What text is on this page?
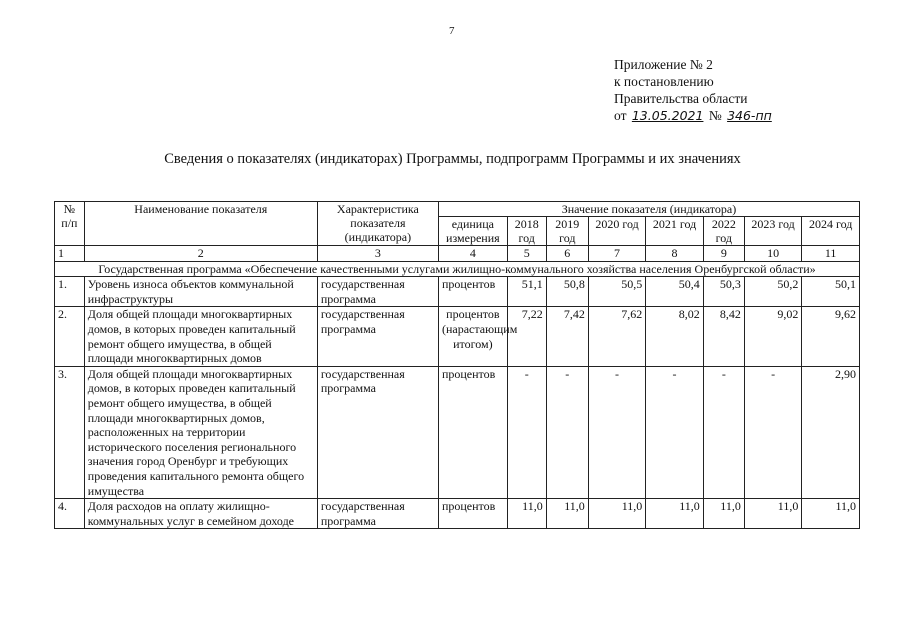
7
Приложение № 2
к постановлению
Правительства области
от 13.05.2021 № 346-пп
Сведения о показателях (индикаторах) Программы, подпрограмм Программы и их значениях
№ п/п	Наименование показателя	Характеристика показателя (индикатора)	Значение показателя (индикатора)							
			единица измерения	2018 год	2019 год	2020 год	2021 год	2022 год	2023 год	2024 год
1	2	3	4	5	6	7	8	9	10	11
Государственная программа «Обеспечение качественными услугами жилищно-коммунального хозяйства населения Оренбургской области»										
1.	Уровень износа объектов коммунальной инфраструктуры	государственная программа	процентов	51,1	50,8	50,5	50,4	50,3	50,2	50,1
2.	Доля общей площади многоквартирных домов, в которых проведен капитальный ремонт общего имущества, в общей площади многоквартирных домов	государственная программа	процентов (нарастающим итогом)	7,22	7,42	7,62	8,02	8,42	9,02	9,62
3.	Доля общей площади многоквартирных домов, в которых проведен капитальный ремонт общего имущества, в общей площади многоквартирных домов, расположенных на территории исторического поселения регионального значения город Оренбург и требующих проведения капитального ремонта общего имущества	государственная программа	процентов	-	-	-	-	-	-	2,90
4.	Доля расходов на оплату жилищно-коммунальных услуг в семейном доходе	государственная программа	процентов	11,0	11,0	11,0	11,0	11,0	11,0	11,0
